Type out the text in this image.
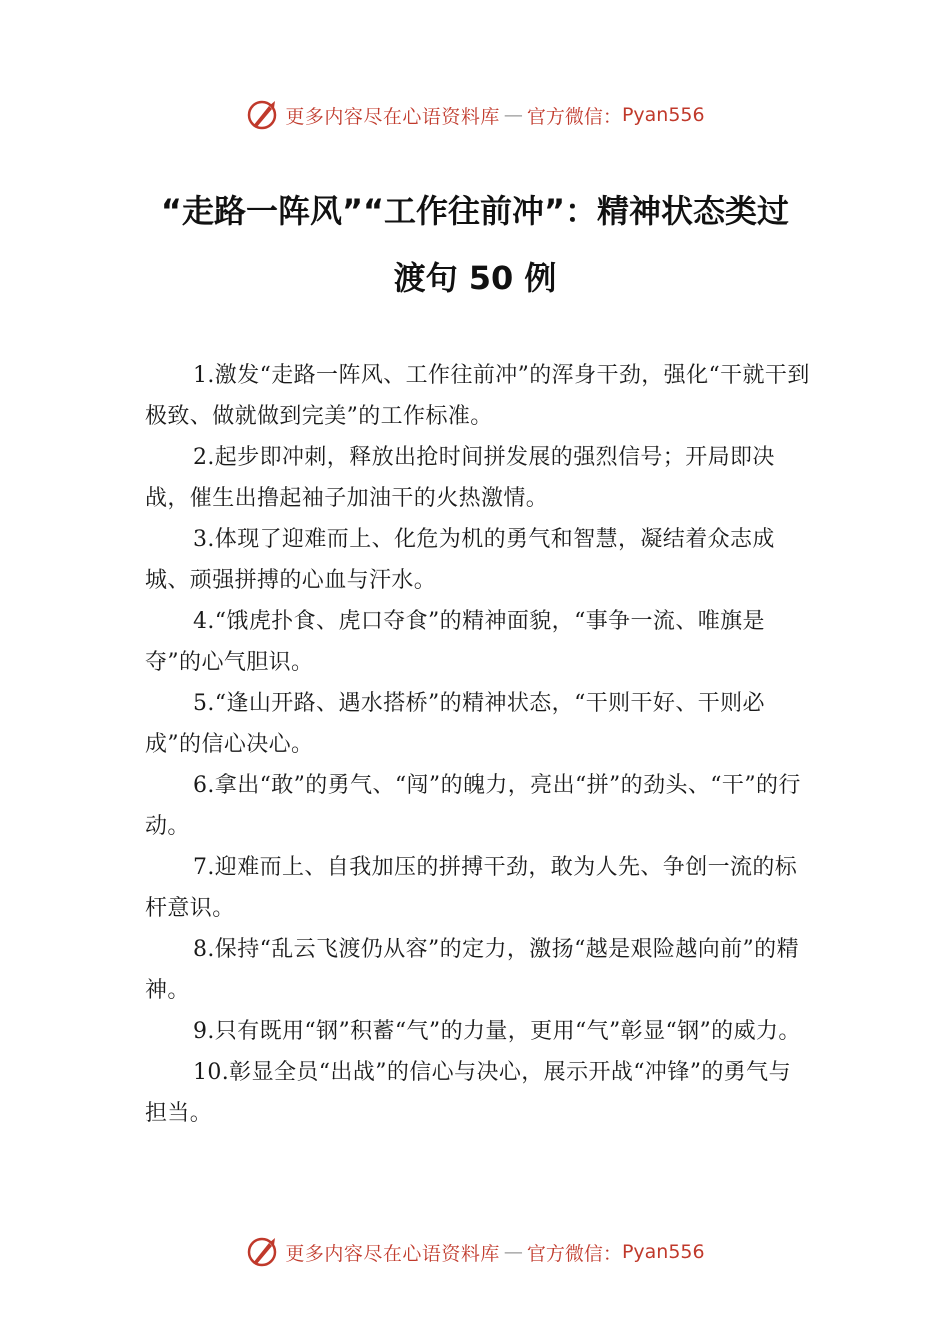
更多内容尽在心语资料库 — 官方微信： Pyan556
“走路一阵风”“工作往前冲”：精神状态类过
渡句 50 例

1.激发“走路一阵风、工作往前冲”的浑身干劲，强化“干就干到极致、做就做到完美”的工作标准。

2.起步即冲刺，释放出抢时间拼发展的强烈信号；开局即决战，催生出撸起袖子加油干的火热激情。

3.体现了迎难而上、化危为机的勇气和智慧，凝结着众志成城、顽强拼搏的心血与汗水。

4.“饿虎扑食、虎口夺食”的精神面貌，“事争一流、唯旗是夺”的心气胆识。

5.“逢山开路、遇水搭桥”的精神状态，“干则干好、干则必成”的信心决心。

6.拿出“敢”的勇气、“闯”的魄力，亮出“拼”的劲头、“干”的行动。

7.迎难而上、自我加压的拼搏干劲，敢为人先、争创一流的标杆意识。

8.保持“乱云飞渡仍从容”的定力，激扬“越是艰险越向前”的精神。

9.只有既用“钢”积蓄“气”的力量，更用“气”彰显“钢”的威力。

10.彰显全员“出战”的信心与决心，展示开战“冲锋”的勇气与担当。

更多内容尽在心语资料库 — 官方微信： Pyan556
